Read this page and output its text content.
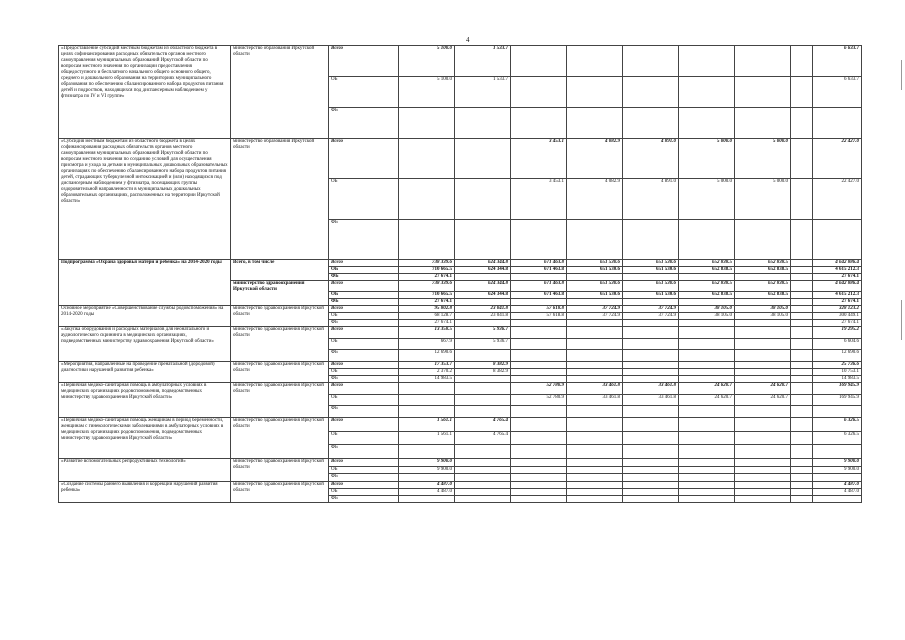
4
«Предоставление субсидий местным бюджетам из областного бюджета в целях софинансирования расходных обязательств органов местного самоуправления муниципальных образований Иркутской области по вопросам местного значения по организации предоставления общедоступного и бесплатного начального общего основного общего, среднего и дошкольного образования на территориях муниципального образования по обеспечению сбалансированного набора продуктов питания детей и подростков, находящихся под диспансерным наблюдением у фтизиатра по IV и VI группе»	министерство образования Иркутской области	Всего	5 100.0	1 533.7							6 633.7
		ОБ	5 100.0	1 533.7							6 633.7
		ФБ									
«Субсидия местным бюджетам из областного бюджета в целях софинансирования расходных обязательств органов местного самоуправления муниципальных образований Иркутской области по вопросам местного значения по созданию условий для осуществления присмотра и ухода за детьми в муниципальных дошкольных образовательных организациях по обеспечению сбалансированного набора продуктов питания детей, страдающих туберкулезной интоксикацией и (или) находящихся под диспансерным наблюдением у фтизиатра, посещающих группы оздоровительной направленности в муниципальных дошкольных образовательных организациях, расположенных на территории Иркутской области»	министерство образования Иркутской области	Всего			3 453.1	4 082.9	4 891.0	5 000.0	5 000.0		22 427.0
		ОБ			3 453.1	4 082.9	4 891.0	5 000.0	5 000.0		22 427.0
		ФБ									
Подпрограмма «Охрана здоровья матери и ребенка» на 2014-2020 годы	Всего, в том числе	Всего	738 339.6	624 344.8	671 463.8	651 530.6	651 530.6	652 838.5	652 838.5		4 642 886.4
		ОБ	710 665.5	624 344.8	671 463.8	651 530.6	651 530.6	652 838.5	652 838.5		4 615 212.3
		ФБ	27 674.1								27 674.1
	министерство здравоохранения Иркутской области	Всего	738 339.6	624 344.8	671 463.8	651 530.6	651 530.6	652 838.5	652 838.5		4 642 886.4
		ОБ	710 665.5	624 344.8	671 463.8	651 530.6	651 530.6	652 838.5	652 838.5		4 615 212.3
		ФБ	27 674.1								27 674.1
Основное мероприятие «Совершенствование службы родовспоможения» на 2014-2020 годы	министерство здравоохранения Иркутской области	Всего	95 802.8	23 041.8	57 618.8	37 724.9	37 724.9	38 105.0	38 105.0		328 123.2
		ОБ	68 128.7	23 041.8	57 618.8	37 724.9	37 724.9	38 105.0	38 105.0		300 449.1
		ФБ	27 674.1								27 674.1
«Закупка оборудования и расходных материалов для неонатального и аудиологического скрининга в медицинских организациях, подведомственных министерству здравоохранения Иркутской области»	министерство здравоохранения Иркутской области	Всего	13 358.5	5 936.7							19 295.2
		ОБ	667.9	5 936.7							6 604.6
		ФБ	12 690.6								12 690.6
«Мероприятия, направленные на проведение пренатальной (дородовой) диагностики нарушений развития ребенка»	министерство здравоохранения Иркутской области	Всего	17 353.7	8 382.9							25 736.6
		ОБ	2 370.2	8 382.9							10 753.1
		ФБ	14 983.5								14 983.5
«Первичная медико-санитарная помощь в амбулаторных условиях в медицинских организациях родовспоможения, подведомственных министерству здравоохранения Иркутской области»	министерство здравоохранения Иркутской области	Всего			52 780.9	33 461.8	33 461.8	24 620.7	24 620.7		169 945.9
		ОБ			52 780.9	33 461.8	33 461.8	24 620.7	24 620.7		169 945.9
		ФБ									
«Первичная медико-санитарная помощь женщинам в период беременности, женщинам с гинекологическими заболеваниями в амбулаторных условиях в медицинских организациях родовспоможения, подведомственных министерству здравоохранения Иркутской области»	министерство здравоохранения Иркутской области	Всего	1 561.1	4 765.4							6 326.5
		ОБ	1 561.1	4 765.4							6 326.5
		ФБ									
«Развитие вспомогательных репродуктивных технологий»	министерство здравоохранения Иркутской области	Всего	9 900.0								9 900.0
		ОБ	9 900.0								9 900.0
		ФБ									
«Создание системы раннего выявления и коррекции нарушений развития ребенка»	министерство здравоохранения Иркутской области	Всего	4 487.0								4 487.0
		ОБ	4 487.0								4 487.0
		ФБ									
